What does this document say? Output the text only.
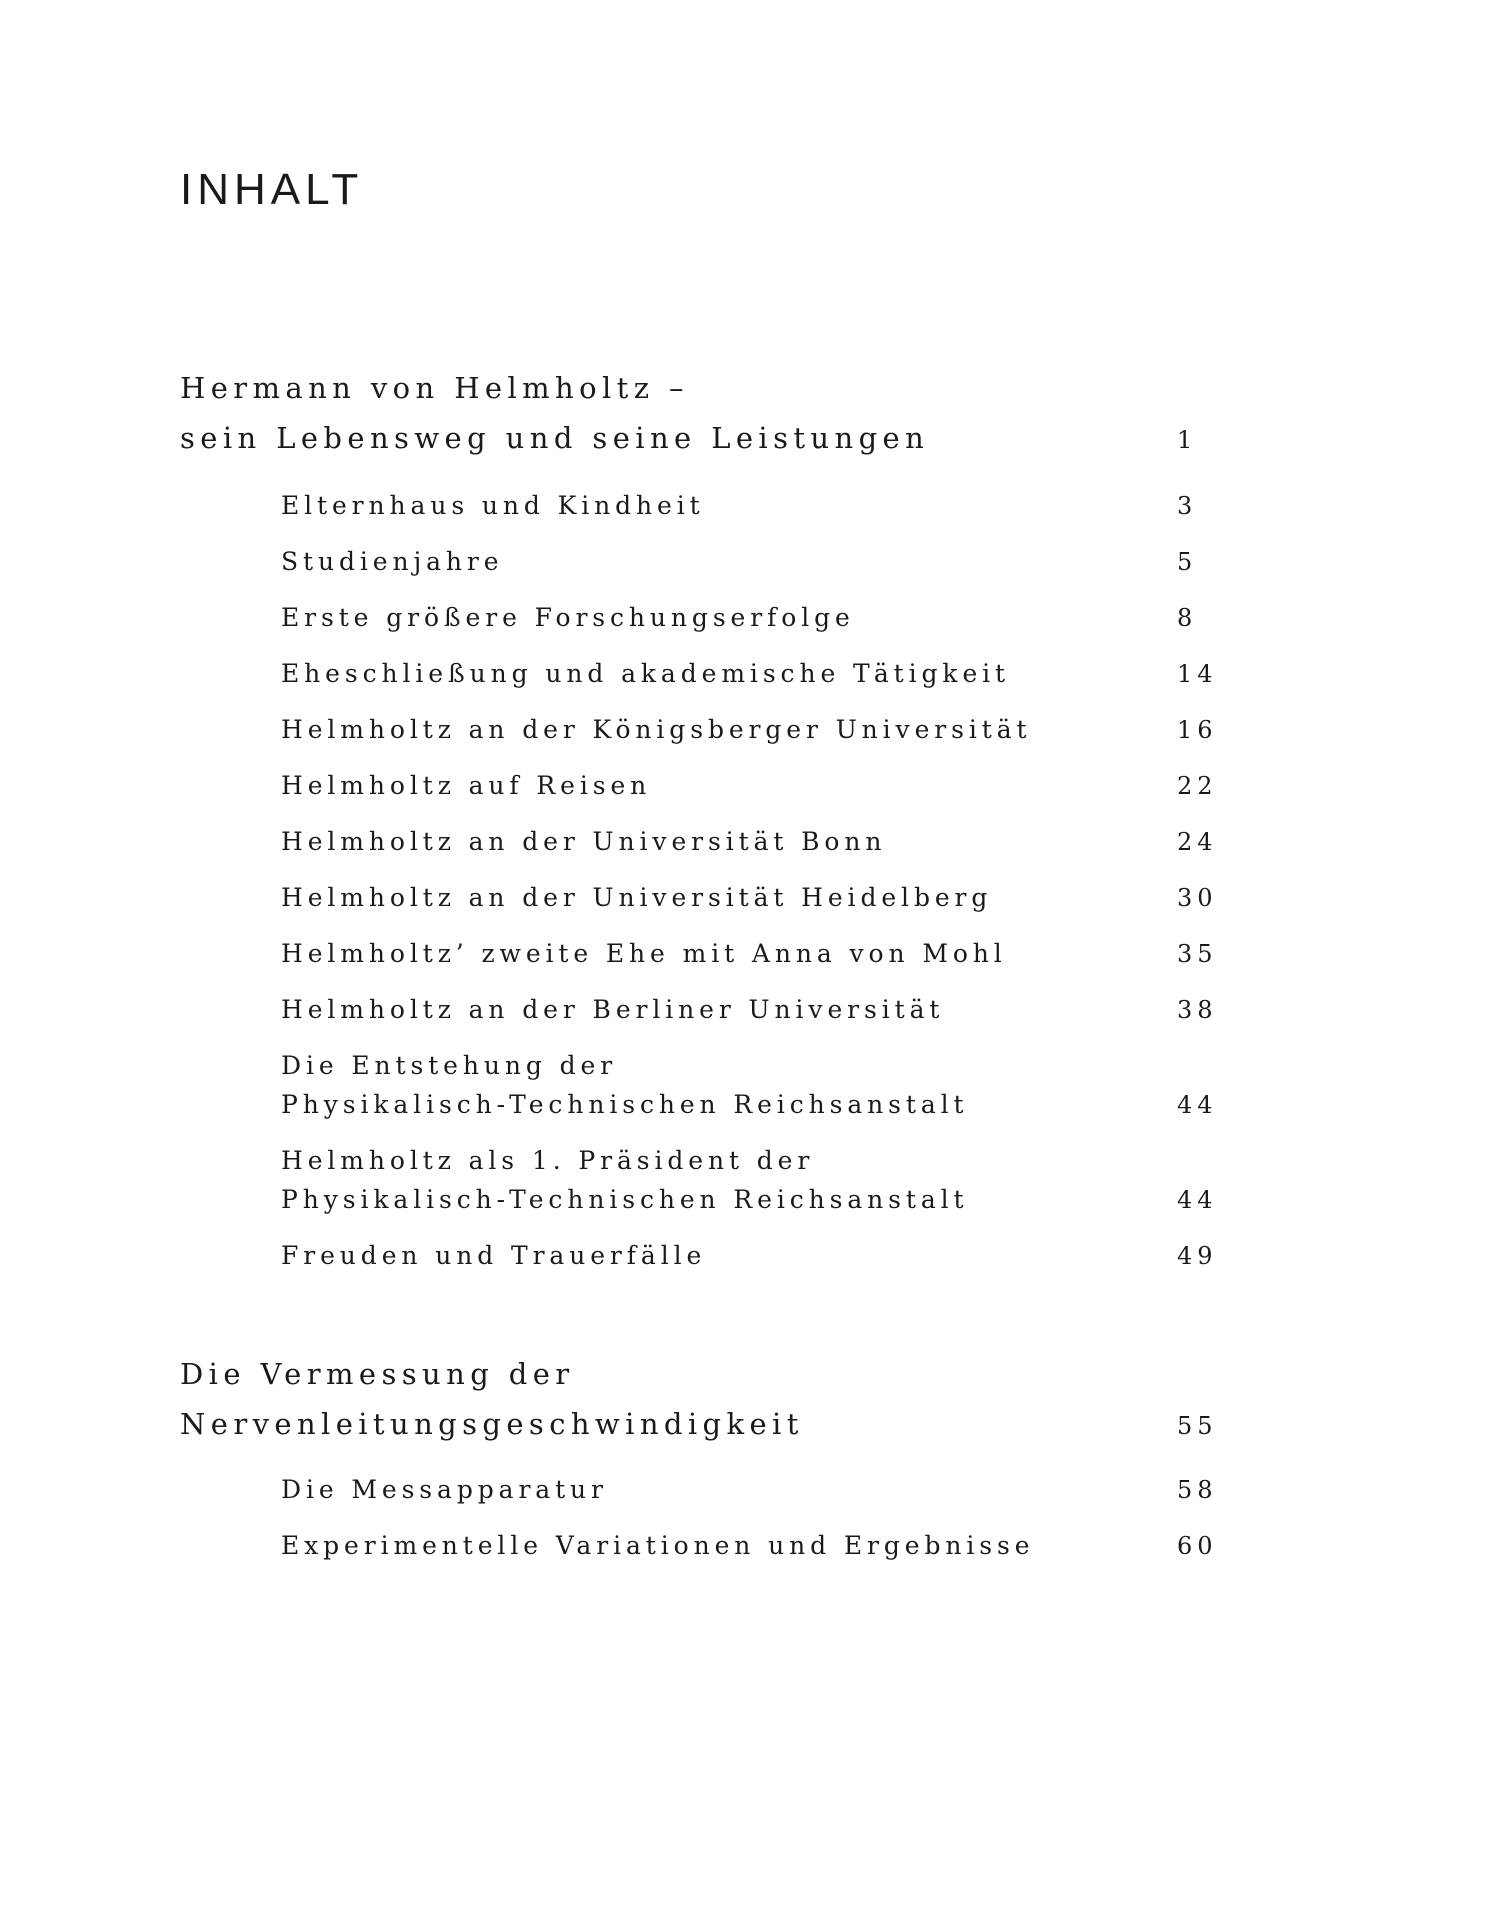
INHALT
Hermann von Helmholtz –
sein Lebensweg und seine Leistungen	1
Elternhaus und Kindheit	3
Studienjahre	5
Erste größere Forschungserfolge	8
Eheschließung und akademische Tätigkeit	14
Helmholtz an der Königsberger Universität	16
Helmholtz auf Reisen	22
Helmholtz an der Universität Bonn	24
Helmholtz an der Universität Heidelberg	30
Helmholtz’ zweite Ehe mit Anna von Mohl	35
Helmholtz an der Berliner Universität	38
Die Entstehung der
Physikalisch-Technischen Reichsanstalt	44
Helmholtz als 1. Präsident der
Physikalisch-Technischen Reichsanstalt	44
Freuden und Trauerfälle	49
Die Vermessung der
Nervenleitungsgeschwindigkeit	55
Die Messapparatur	58
Experimentelle Variationen und Ergebnisse	60
